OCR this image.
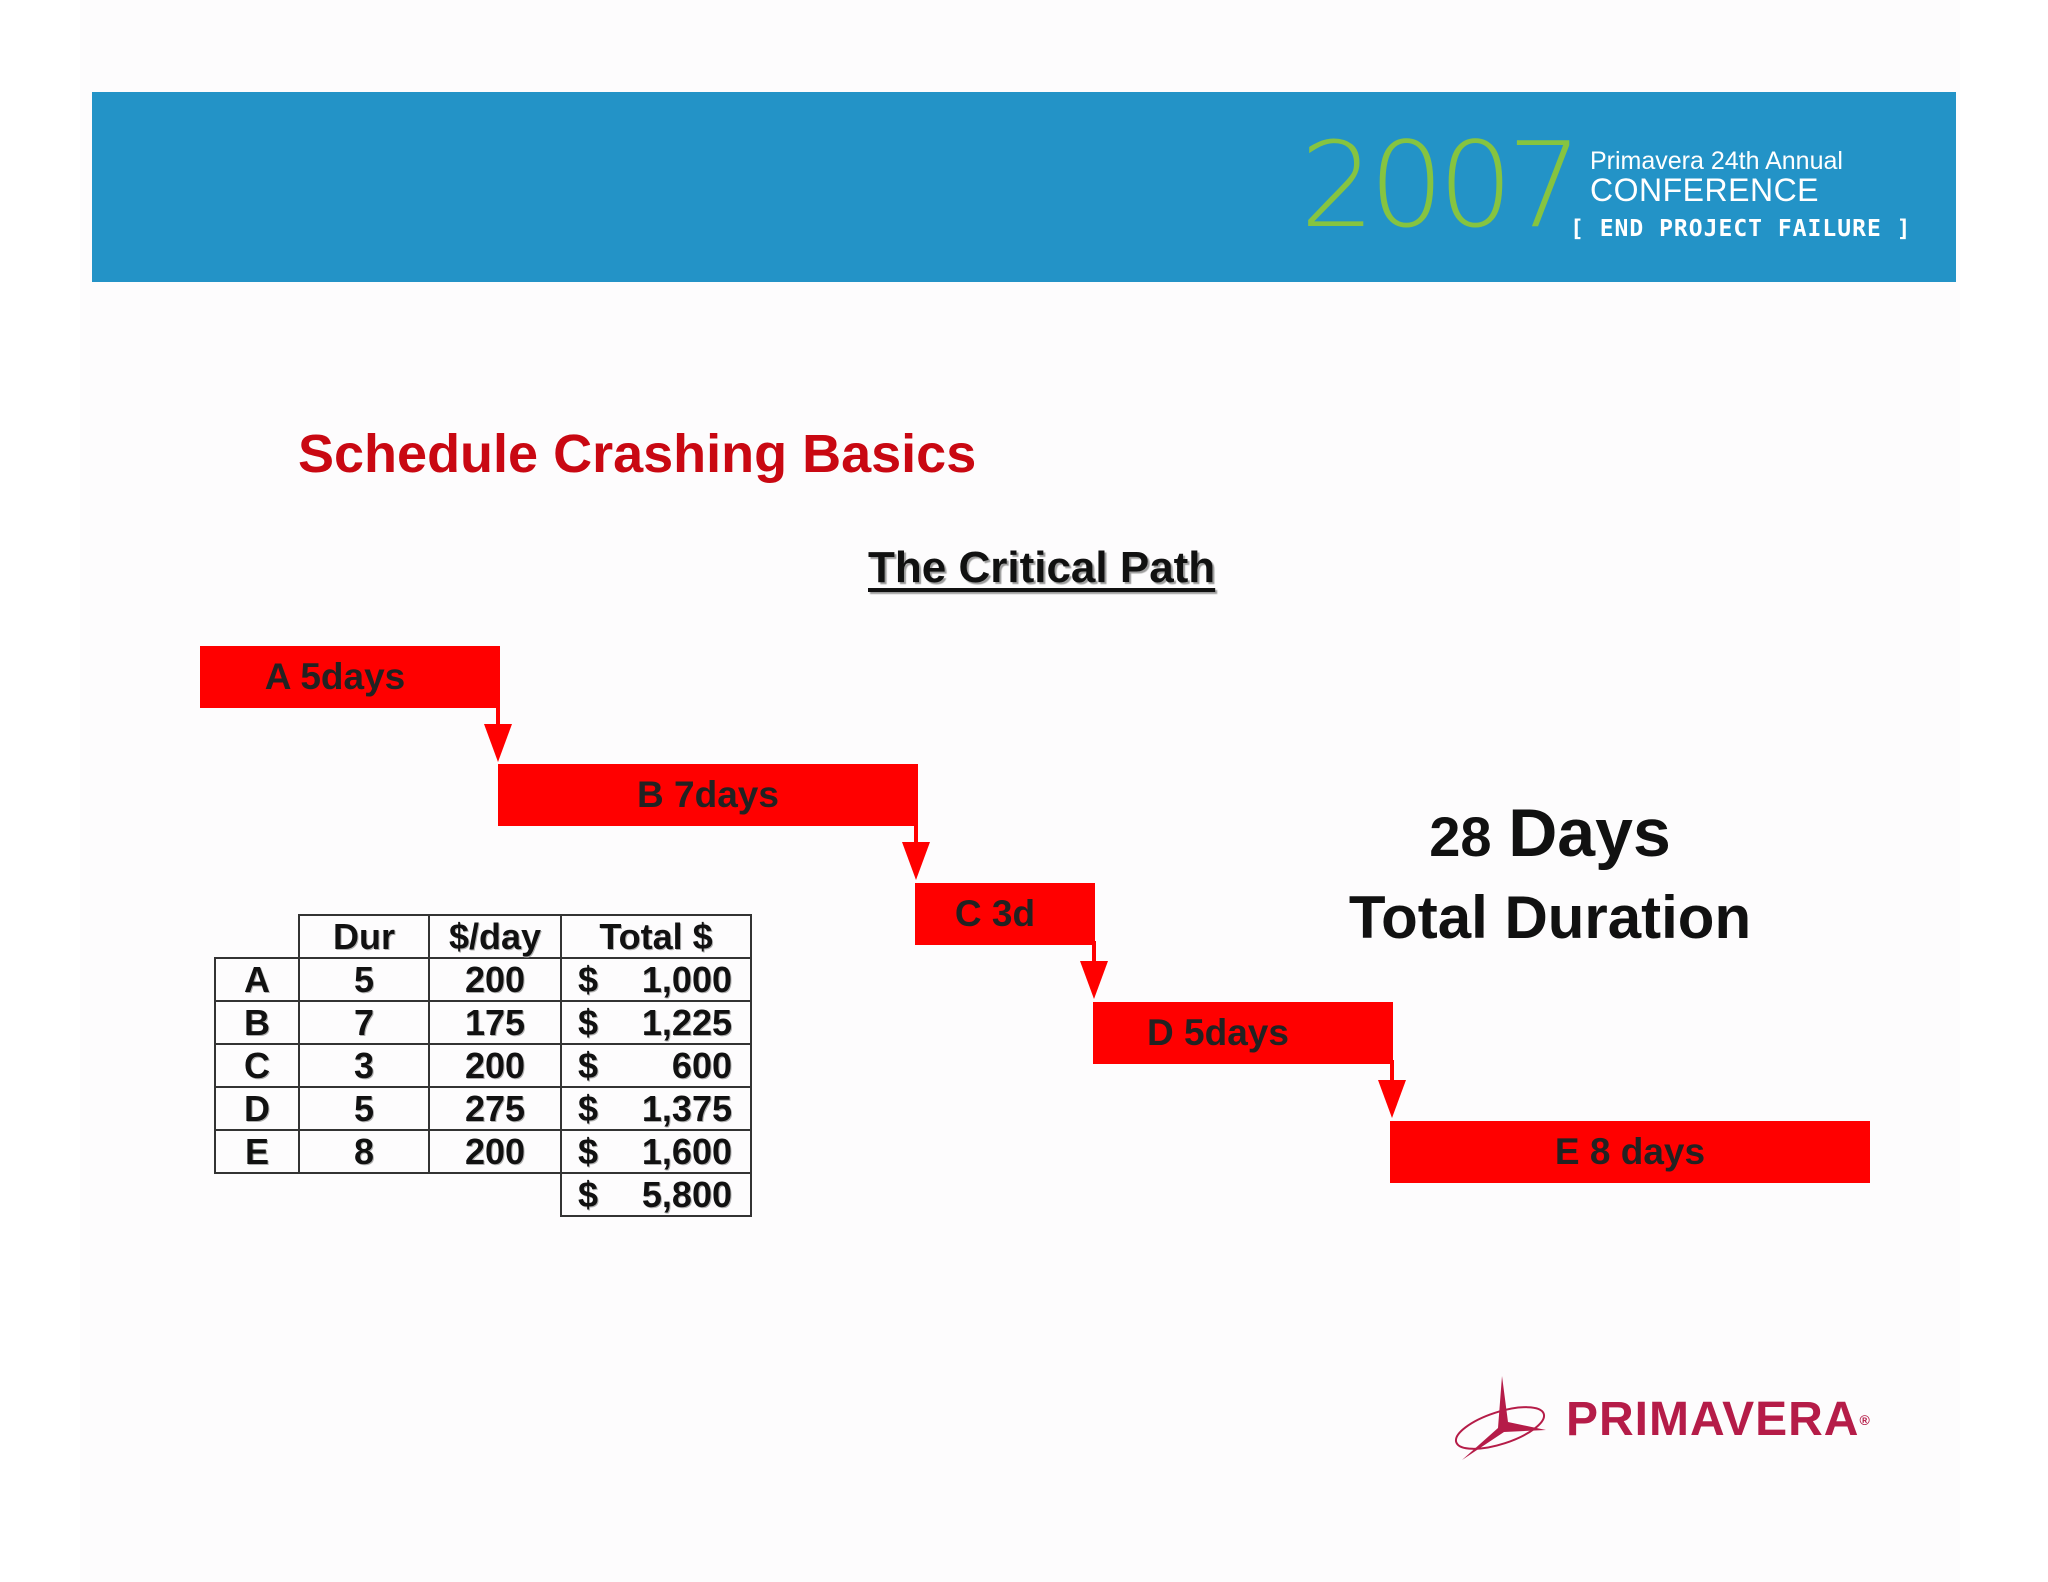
2007 Primavera 24th Annual
CONFERENCE
[ END PROJECT FAILURE ]
Schedule Crashing Basics
The Critical Path
A 5days
B 7days
C 3d
D 5days
E 8 days
28 Days
Total Duration
	Dur	$/day	Total $
A	5	200	$ 1,000

B	7	175	$ 1,225

C	3	200	$ 600

D	5	275	$ 1,375

E	8	200	$ 1,600

			$ 5,800
PRIMAVERA®
